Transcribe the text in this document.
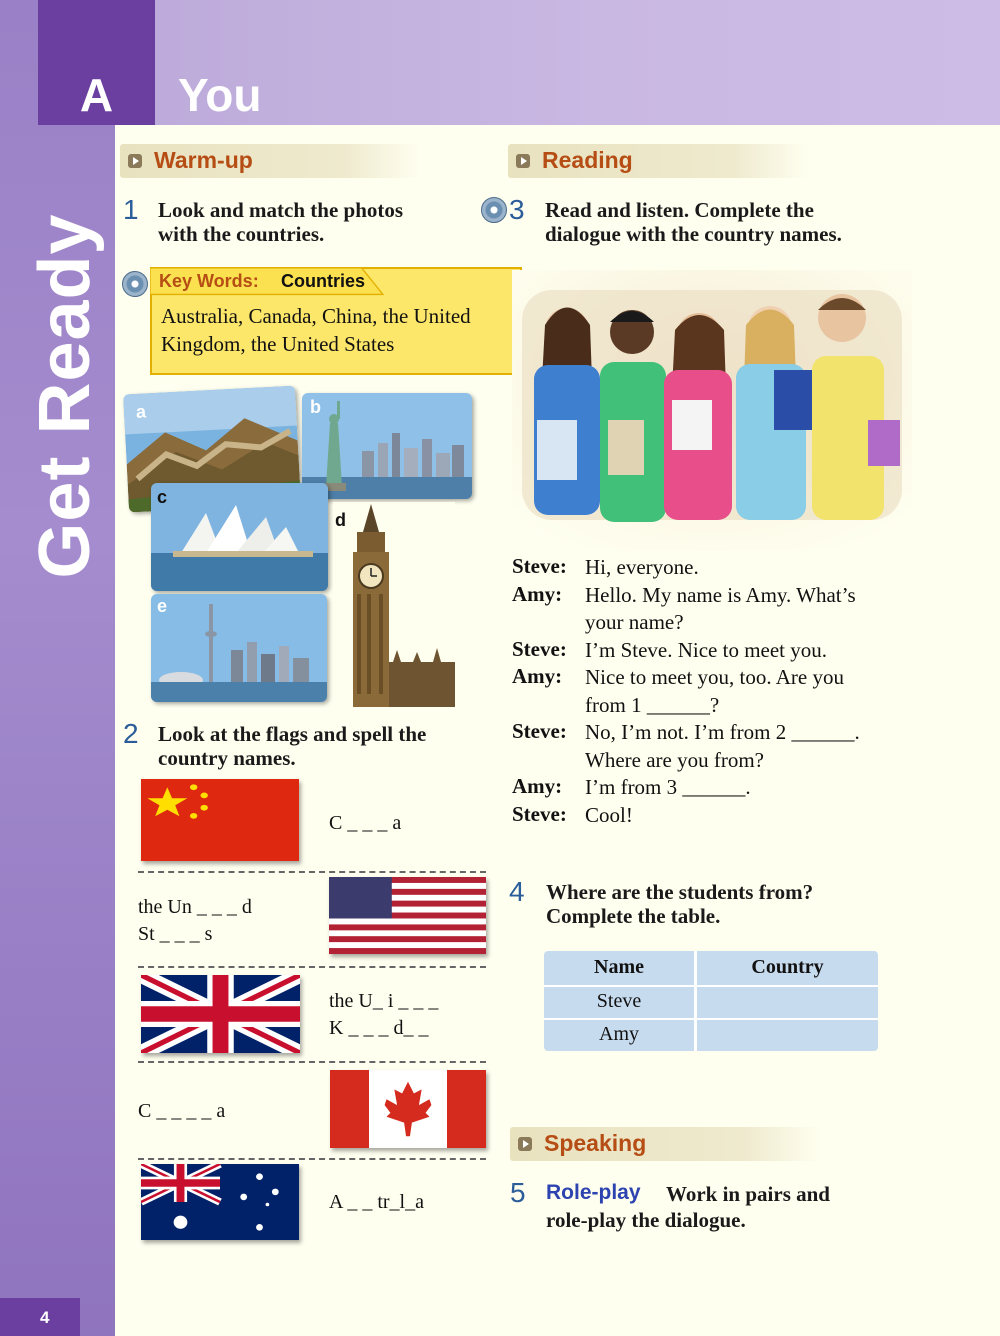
A	You
Get Ready
4
Warm-up
1 Look and match the photos
with the countries.
Key Words: Countries
Australia, Canada, China, the United
Kingdom, the United States
a	b
c
d
e
2 Look at the flags and spell the
country names.
C _ _ _ a
the Un _ _ _ d
St _ _ _ s
the U_ i _ _ _
K _ _ _ d_ _
C _ _ _ _ a
A _ _ tr_l_a
Reading
3 Read and listen. Complete the
dialogue with the country names.
Steve: Hi, everyone.
Amy: Hello. My name is Amy. What’s
your name?
Steve: I’m Steve. Nice to meet you.
Amy: Nice to meet you, too. Are you
from 1 ______?
Steve: No, I’m not. I’m from 2 ______.
Where are you from?
Amy: I’m from 3 ______.
Steve: Cool!
4 Where are the students from?
Complete the table.
Name	Country
Steve
Amy
Speaking
5 Role-play Work in pairs and
role-play the dialogue.
